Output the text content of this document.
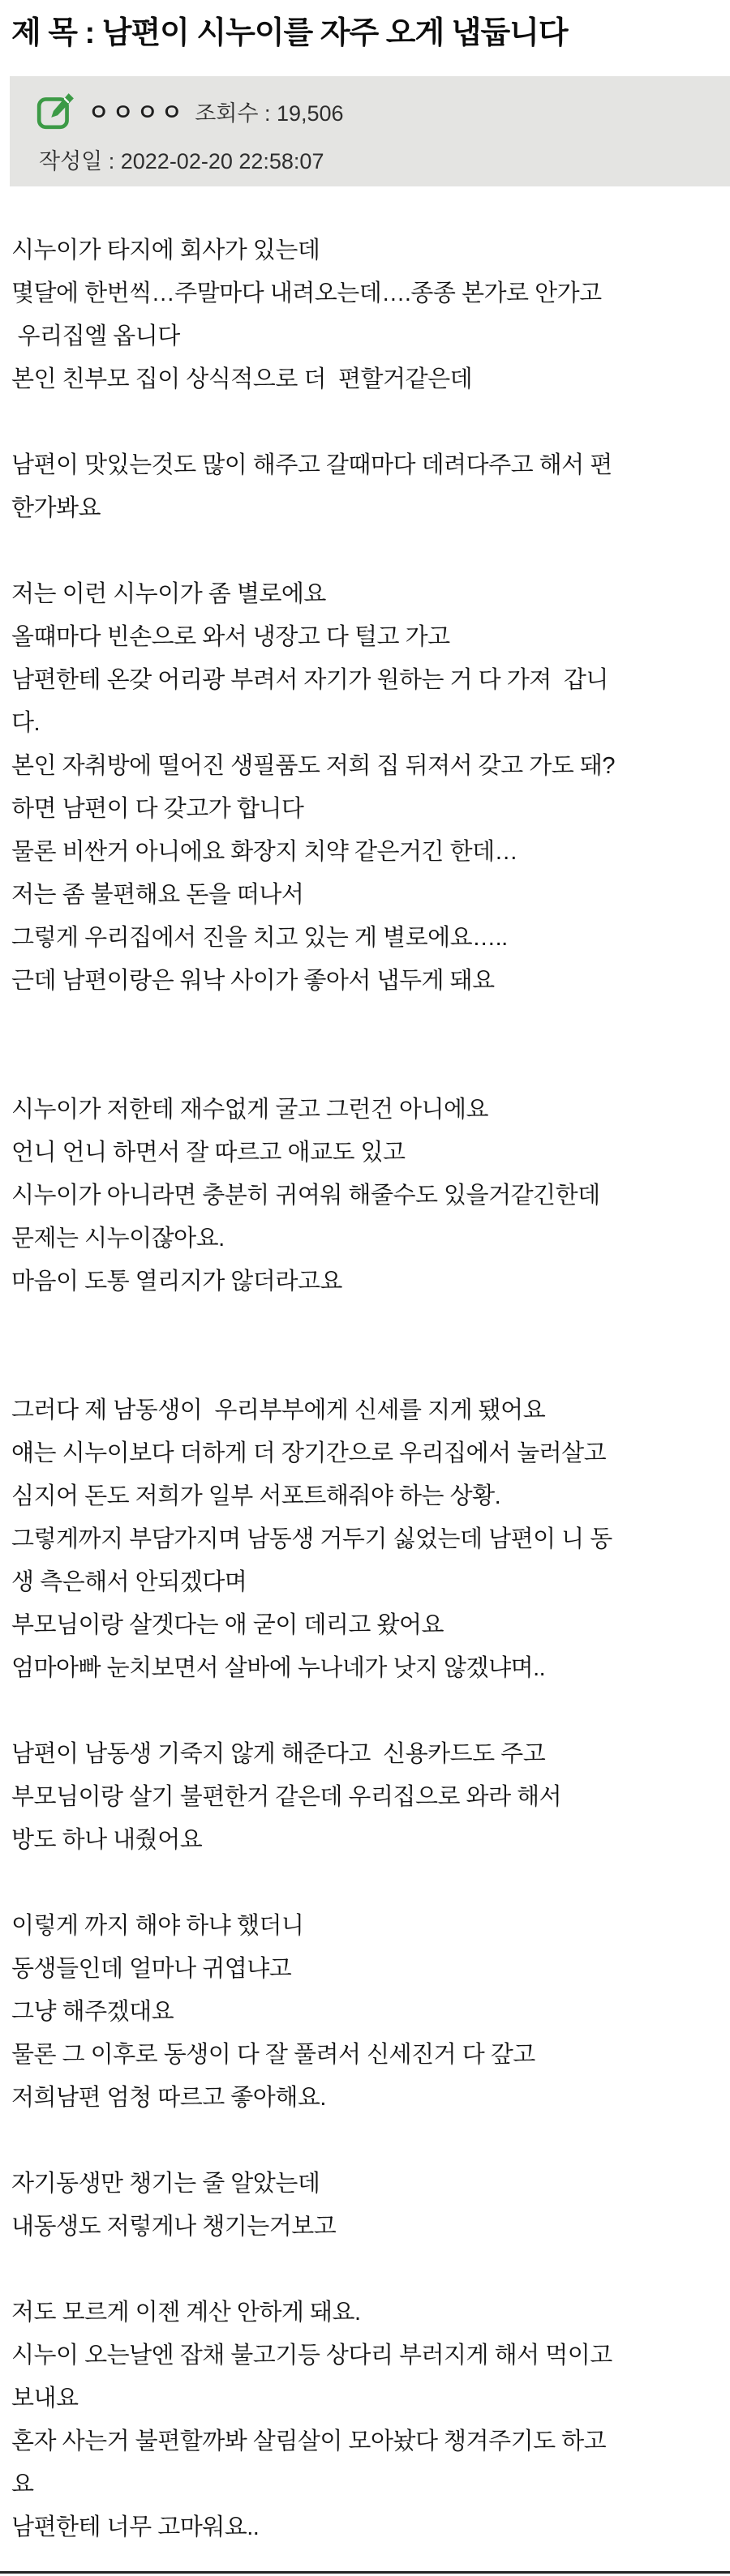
제 목 : 남편이 시누이를 자주 오게 냅둡니다
ㅇㅇㅇㅇ 조회수 : 19,506
작성일 : 2022-02-20 22:58:07
시누이가 타지에 회사가 있는데
몇달에 한번씩…주말마다 내려오는데….종종 본가로 안가고
우리집엘 옵니다
본인 친부모 집이 상식적으로 더  편할거같은데
남편이 맛있는것도 많이 해주고 갈때마다 데려다주고 해서 편
한가봐요
저는 이런 시누이가 좀 별로에요
올떄마다 빈손으로 와서 냉장고 다 털고 가고
남편한테 온갖 어리광 부려서 자기가 원하는 거 다 가져  갑니
다.
본인 자취방에 떨어진 생필품도 저희 집 뒤져서 갖고 가도 돼?
하면 남편이 다 갖고가 합니다
물론 비싼거 아니에요 화장지 치약 같은거긴 한데…
저는 좀 불편해요 돈을 떠나서
그렇게 우리집에서 진을 치고 있는 게 별로에요…..
근데 남편이랑은 워낙 사이가 좋아서 냅두게 돼요
시누이가 저한테 재수없게 굴고 그런건 아니에요
언니 언니 하면서 잘 따르고 애교도 있고
시누이가 아니라면 충분히 귀여워 해줄수도 있을거같긴한데
문제는 시누이잖아요.
마음이 도통 열리지가 않더라고요
그러다 제 남동생이  우리부부에게 신세를 지게 됐어요
얘는 시누이보다 더하게 더 장기간으로 우리집에서 눌러살고
심지어 돈도 저희가 일부 서포트해줘야 하는 상황.
그렇게까지 부담가지며 남동생 거두기 싫었는데 남편이 니 동
생 측은해서 안되겠다며
부모님이랑 살겟다는 애 굳이 데리고 왔어요
엄마아빠 눈치보면서 살바에 누나네가 낫지 않겠냐며..
남편이 남동생 기죽지 않게 해준다고  신용카드도 주고
부모님이랑 살기 불편한거 같은데 우리집으로 와라 해서
방도 하나 내줬어요
이렇게 까지 해야 하냐 했더니
동생들인데 얼마나 귀엽냐고
그냥 해주겠대요
물론 그 이후로 동생이 다 잘 풀려서 신세진거 다 갚고
저희남편 엄청 따르고 좋아해요.
자기동생만 챙기는 줄 알았는데
내동생도 저렇게나 챙기는거보고
저도 모르게 이젠 계산 안하게 돼요.
시누이 오는날엔 잡채 불고기등 상다리 부러지게 해서 먹이고
보내요
혼자 사는거 불편할까봐 살림살이 모아놨다 챙겨주기도 하고
요
남편한테 너무 고마워요..
